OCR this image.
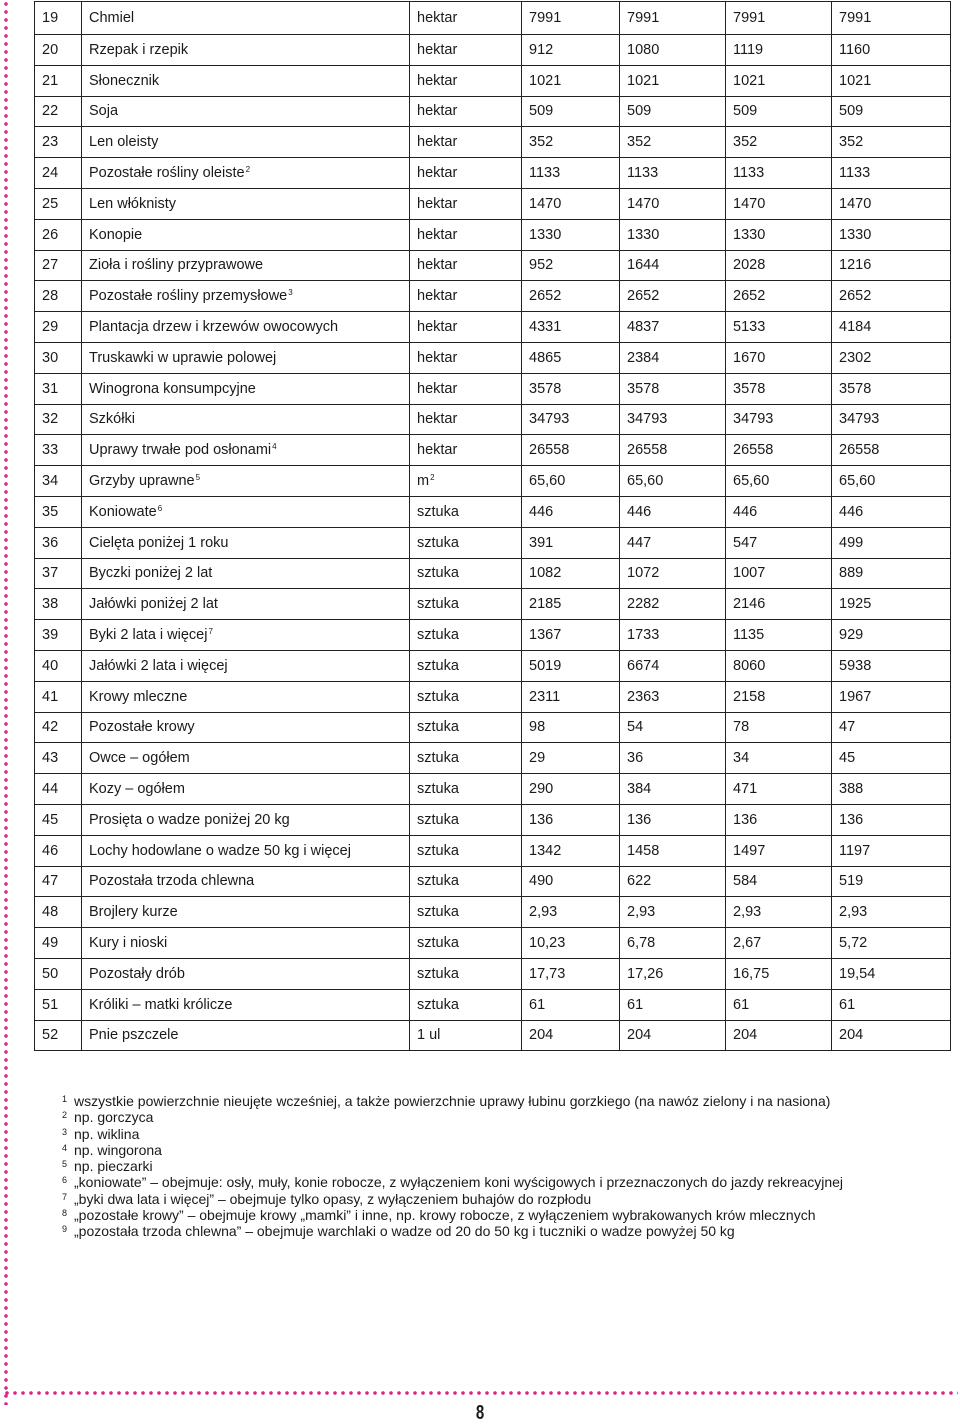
19	Chmiel	hektar	7991	7991	7991	7991
20	Rzepak i rzepik	hektar	912	1080	1119	1160
21	Słonecznik	hektar	1021	1021	1021	1021
22	Soja	hektar	509	509	509	509
23	Len oleisty	hektar	352	352	352	352
24	Pozostałe rośliny oleiste$^2$	hektar	1133	1133	1133	1133
25	Len włóknisty	hektar	1470	1470	1470	1470
26	Konopie	hektar	1330	1330	1330	1330
27	Zioła i rośliny przyprawowe	hektar	952	1644	2028	1216
28	Pozostałe rośliny przemysłowe$^3$	hektar	2652	2652	2652	2652
29	Plantacja drzew i krzewów owocowych	hektar	4331	4837	5133	4184
30	Truskawki w uprawie polowej	hektar	4865	2384	1670	2302
31	Winogrona konsumpcyjne	hektar	3578	3578	3578	3578
32	Szkółki	hektar	34793	34793	34793	34793
33	Uprawy trwałe pod osłonami$^4$	hektar	26558	26558	26558	26558
34	Grzyby uprawne$^5$	$m^2$	65,60	65,60	65,60	65,60
35	Koniowate$^6$	sztuka	446	446	446	446
36	Cielęta poniżej 1 roku	sztuka	391	447	547	499
37	Byczki poniżej 2 lat	sztuka	1082	1072	1007	889
38	Jałówki poniżej 2 lat	sztuka	2185	2282	2146	1925
39	Byki 2 lata i więcej$^7$	sztuka	1367	1733	1135	929
40	Jałówki 2 lata i więcej	sztuka	5019	6674	8060	5938
41	Krowy mleczne	sztuka	2311	2363	2158	1967
42	Pozostałe krowy	sztuka	98	54	78	47
43	Owce – ogółem	sztuka	29	36	34	45
44	Kozy – ogółem	sztuka	290	384	471	388
45	Prosięta o wadze poniżej 20 kg	sztuka	136	136	136	136
46	Lochy hodowlane o wadze 50 kg i więcej	sztuka	1342	1458	1497	1197
47	Pozostała trzoda chlewna	sztuka	490	622	584	519
48	Brojlery kurze	sztuka	2,93	2,93	2,93	2,93
49	Kury i nioski	sztuka	10,23	6,78	2,67	5,72
50	Pozostały drób	sztuka	17,73	17,26	16,75	19,54
51	Króliki – matki królicze	sztuka	61	61	61	61
52	Pnie pszczele	1 ul	204	204	204	204
1 wszystkie powierzchnie nieujęte wcześniej, a także powierzchnie uprawy łubinu gorzkiego (na nawóz zielony i na nasiona)
2 np. gorczyca
3 np. wiklina
4 np. wingorona
5 np. pieczarki
6 „koniowate” – obejmuje: osły, muły, konie robocze, z wyłączeniem koni wyścigowych i przeznaczonych do jazdy rekreacyjnej
7 „byki dwa lata i więcej” – obejmuje tylko opasy, z wyłączeniem buhajów do rozpłodu
8 „pozostałe krowy” – obejmuje krowy „mamki” i inne, np. krowy robocze, z wyłączeniem wybrakowanych krów mlecznych
9 „pozostała trzoda chlewna” – obejmuje warchlaki o wadze od 20 do 50 kg i tuczniki o wadze powyżej 50 kg
8
